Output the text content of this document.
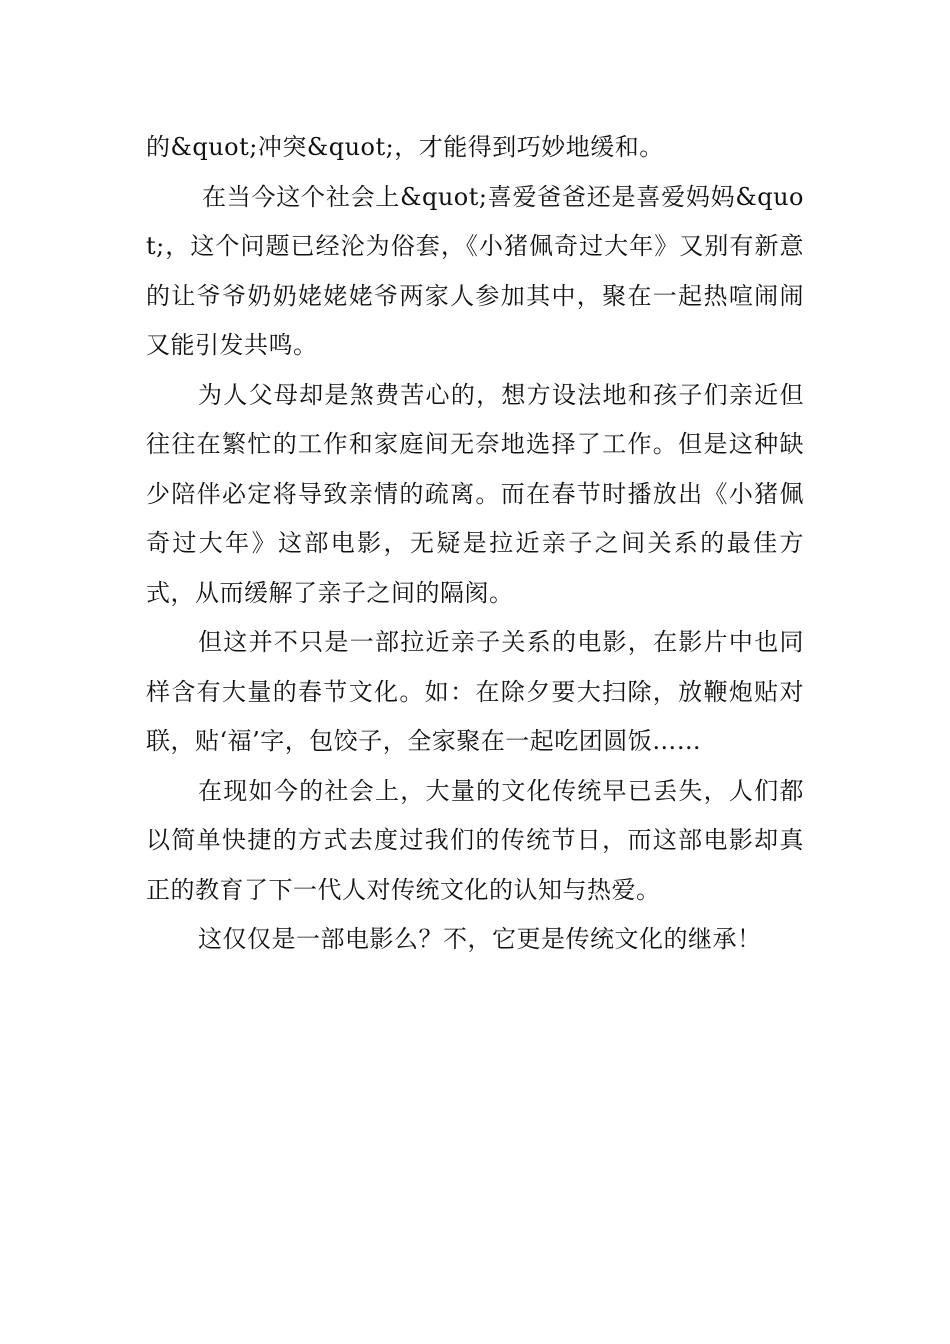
的&quot;冲突&quot;，才能得到巧妙地缓和。

在当今这个社会上&quot;喜爱爸爸还是喜爱妈妈&quot;，这个问题已经沦为俗套，《小猪佩奇过大年》又别有新意的让爷爷奶奶姥姥姥爷两家人参加其中，聚在一起热喧闹闹又能引发共鸣。

为人父母却是煞费苦心的，想方设法地和孩子们亲近但往往在繁忙的工作和家庭间无奈地选择了工作。但是这种缺少陪伴必定将导致亲情的疏离。而在春节时播放出《小猪佩奇过大年》这部电影，无疑是拉近亲子之间关系的最佳方式，从而缓解了亲子之间的隔阂。

但这并不只是一部拉近亲子关系的电影，在影片中也同样含有大量的春节文化。如：在除夕要大扫除，放鞭炮贴对联，贴‘福’字，包饺子，全家聚在一起吃团圆饭……

在现如今的社会上，大量的文化传统早已丢失，人们都以简单快捷的方式去度过我们的传统节日，而这部电影却真正的教育了下一代人对传统文化的认知与热爱。

这仅仅是一部电影么？不，它更是传统文化的继承！
